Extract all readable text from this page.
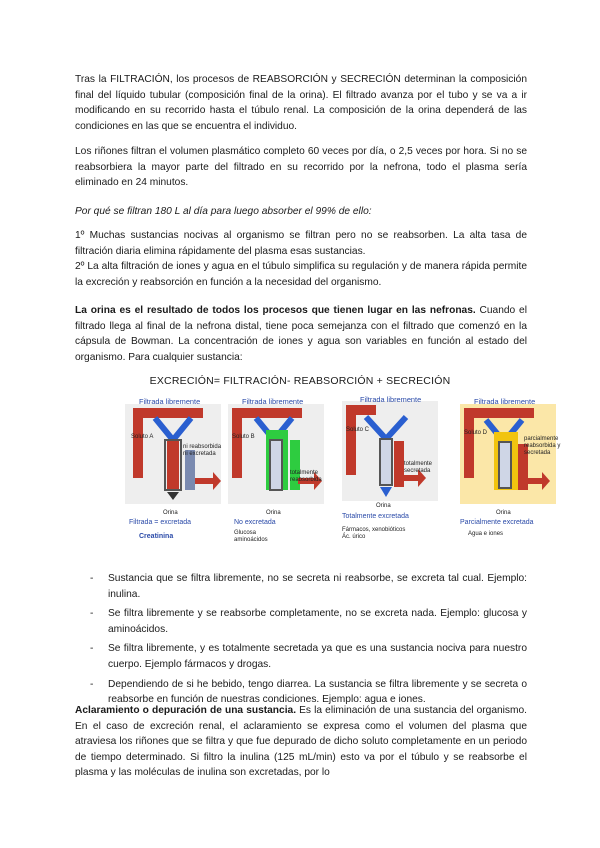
Tras la FILTRACIÓN, los procesos de REABSORCIÓN y SECRECIÓN determinan la composición final del líquido tubular (composición final de la orina). El filtrado avanza por el tubo y se va a ir modificando en su recorrido hasta el túbulo renal. La composición de la orina dependerá de las condiciones en las que se encuentra el individuo.

Los riñones filtran el volumen plasmático completo 60 veces por día, o 2,5 veces por hora. Si no se reabsorbiera la mayor parte del filtrado en su recorrido por la nefrona, todo el plasma sería eliminado en 24 minutos.

Por qué se filtran 180 L al día para luego absorber el 99% de ello:

1º Muchas sustancias nocivas al organismo se filtran pero no se reabsorben. La alta tasa de filtración diaria elimina rápidamente del plasma esas sustancias.

2º La alta filtración de iones y agua en el túbulo simplifica su regulación y de manera rápida permite la excreción y reabsorción en función a la necesidad del organismo.

La orina es el resultado de todos los procesos que tienen lugar en las nefronas. Cuando el filtrado llega al final de la nefrona distal, tiene poca semejanza con el filtrado que comenzó en la cápsula de Bowman. La concentración de iones y agua son variables en función al estado del organismo. Para cualquier sustancia:

EXCRECIÓN= FILTRACIÓN- REABSORCIÓN + SECRECIÓN
Filtrada libremente
Soluto A
ni reabsorbida
ni excretada
Orina
Filtrada = excretada
Creatinina
Filtrada libremente
Soluto B
totalmente
reabsorbida
Orina
No excretada
Glucosa
aminoácidos
Filtrada libremente
Soluto C
totalmente
secretada
Orina
Totalmente excretada
Fármacos, xenobióticos
Ác. úrico
Filtrada libremente
Soluto D
parcialmente
reabsorbida y
secretada
Orina
Parcialmente excretada
Agua e iones
- Sustancia que se filtra libremente, no se secreta ni reabsorbe, se excreta tal cual. Ejemplo: inulina.
- Se filtra libremente y se reabsorbe completamente, no se excreta nada. Ejemplo: glucosa y aminoácidos.
- Se filtra libremente, y es totalmente secretada ya que es una sustancia nociva para nuestro cuerpo. Ejemplo fármacos y drogas.
- Dependiendo de si he bebido, tengo diarrea. La sustancia se filtra libremente y se secreta o reabsorbe en función de nuestras condiciones. Ejemplo: agua e iones.

Aclaramiento o depuración de una sustancia. Es la eliminación de una sustancia del organismo. En el caso de excreción renal, el aclaramiento se expresa como el volumen del plasma que atraviesa los riñones que se filtra y que fue depurado de dicho soluto completamente en un periodo de tiempo determinado. Si filtro la inulina (125 mL/min) esto va por el túbulo y se reabsorbe el plasma y las moléculas de inulina son excretadas, por lo
